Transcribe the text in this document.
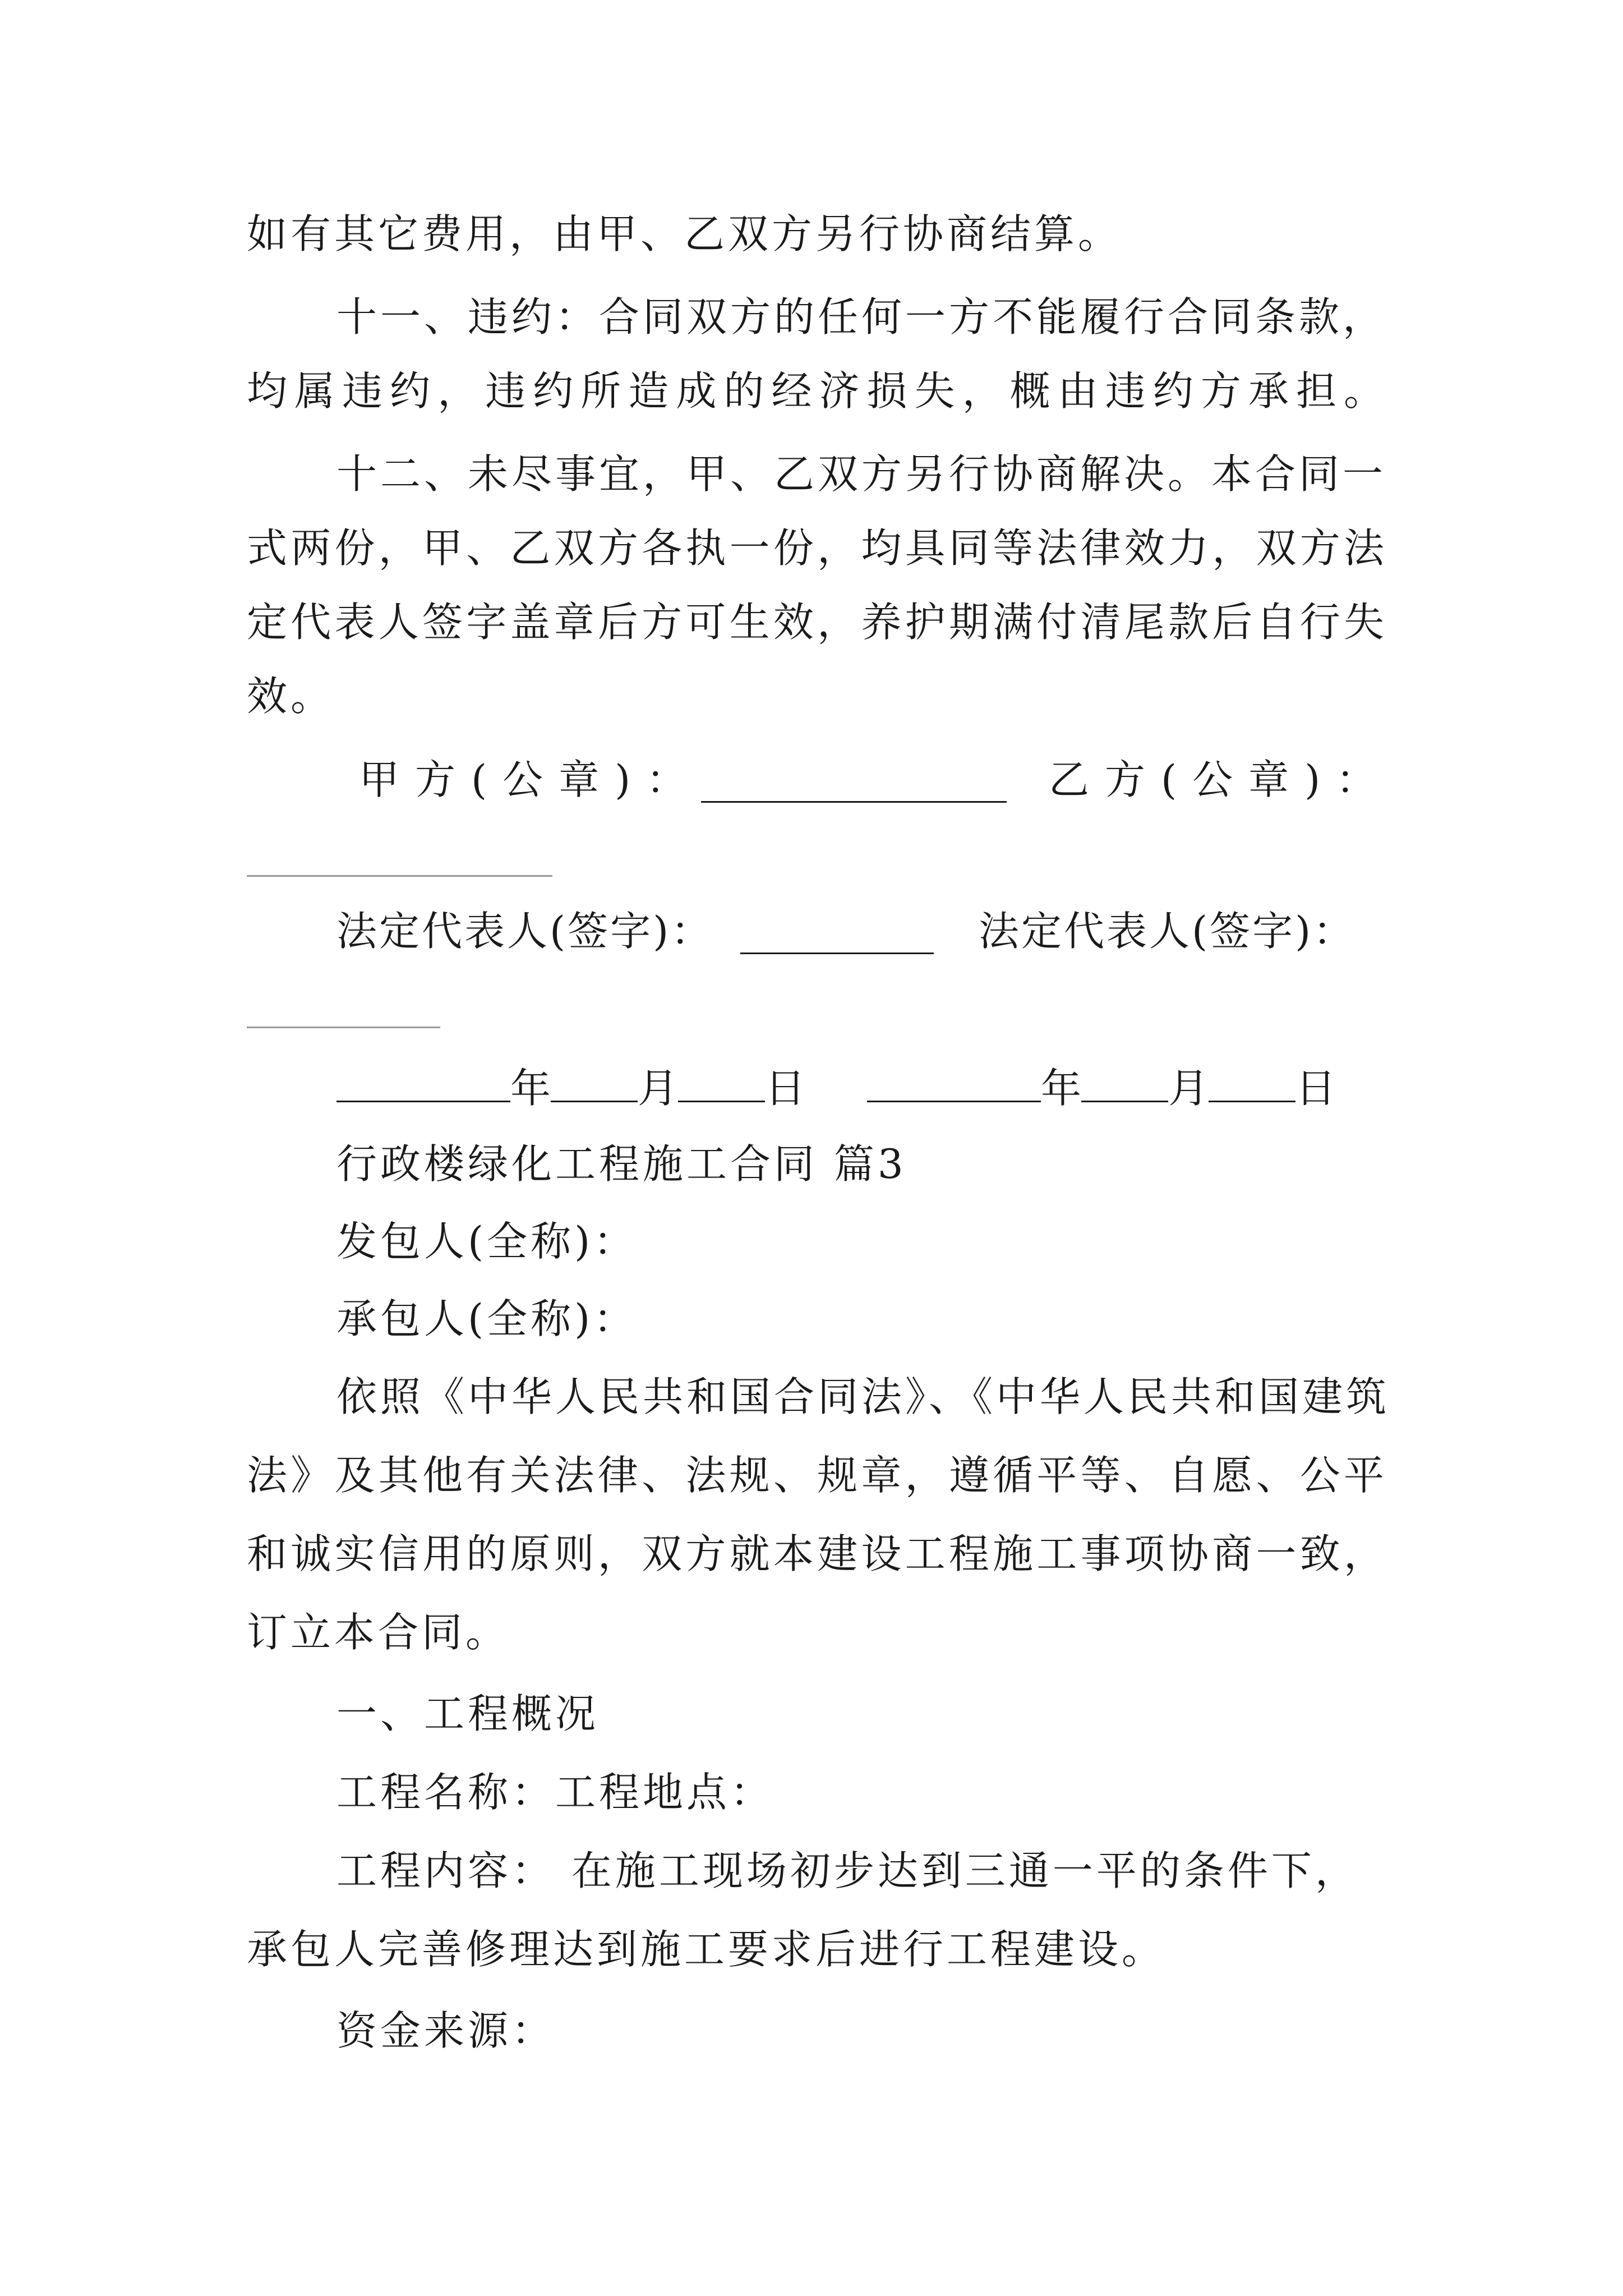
如有其它费用，由甲、乙双方另行协商结算。
十一、违约：合同双方的任何一方不能履行合同条款，
均属违约，违约所造成的经济损失，概由违约方承担。
十二、未尽事宜，甲、乙双方另行协商解决。本合同一
式两份，甲、乙双方各执一份，均具同等法律效力，双方法
定代表人签字盖章后方可生效，养护期满付清尾款后自行失
效。
甲方(公章)：	乙方(公章)：
法定代表人(签字)：	法定代表人(签字)：
年 月 日	年 月 日
行政楼绿化工程施工合同 篇3
发包人(全称)：
承包人(全称)：
依照《中华人民共和国合同法》、《中华人民共和国建筑
法》及其他有关法律、法规、规章，遵循平等、自愿、公平
和诚实信用的原则，双方就本建设工程施工事项协商一致，
订立本合同。
一、工程概况
工程名称：工程地点：
工程内容： 在施工现场初步达到三通一平的条件下，
承包人完善修理达到施工要求后进行工程建设。
资金来源：
